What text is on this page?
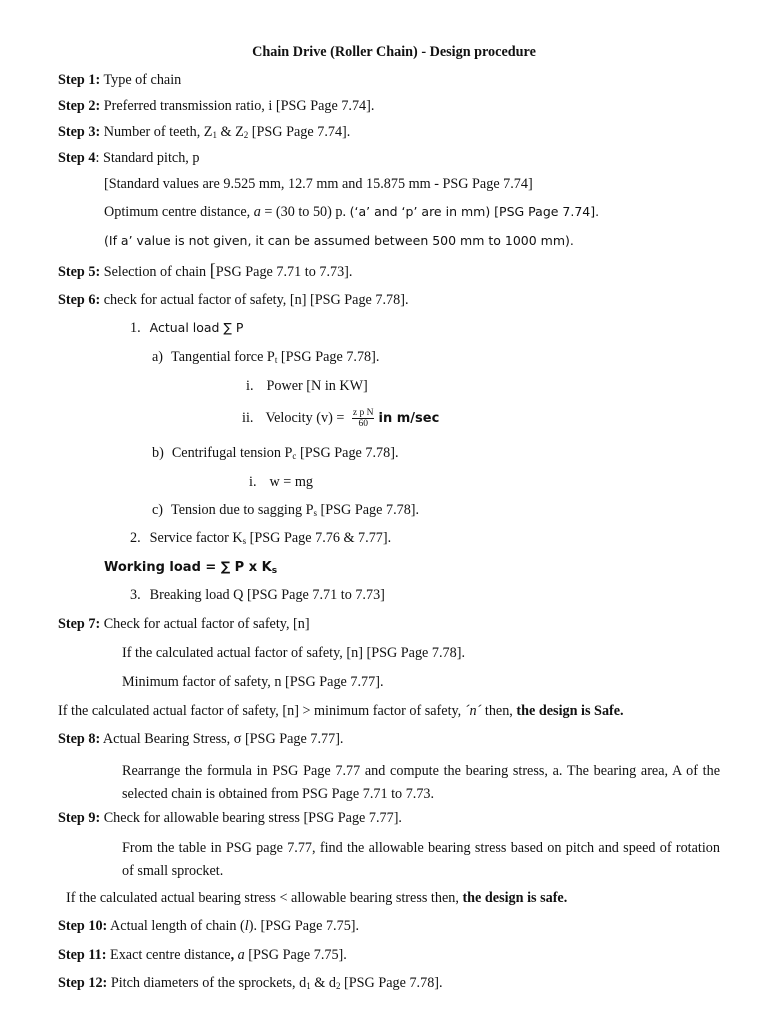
Chain Drive (Roller Chain) - Design procedure
Step 1: Type of chain
Step 2: Preferred transmission ratio, i [PSG Page 7.74].
Step 3: Number of teeth, $Z_1$ & $Z_2$ [PSG Page 7.74].
Step 4: Standard pitch, p
[Standard values are 9.525 mm, 12.7 mm and 15.875 mm - PSG Page 7.74]
Optimum centre distance, a = (30 to 50) p. (‘a’ and ‘p’ are in mm) [PSG Page 7.74].
(If a’ value is not given, it can be assumed between 500 mm to 1000 mm).
Step 5: Selection of chain [PSG Page 7.71 to 7.73].
Step 6: check for actual factor of safety, [n] [PSG Page 7.78].
1. Actual load ∑ P
a) Tangential force $P_t$ [PSG Page 7.78].
i. Power [N in KW]
ii. Velocity $(v) = \frac{\text{z p N}}{60}$ in m/sec
b) Centrifugal tension $P_c$ [PSG Page 7.78].
i. w = mg
c) Tension due to sagging $P_s$ [PSG Page 7.78].
2. Service factor $K_s$ [PSG Page 7.76 & 7.77].
Working load = ∑ P x $K_s$
3. Breaking load Q [PSG Page 7.71 to 7.73]
Step 7: Check for actual factor of safety, [n]
If the calculated actual factor of safety, [n] [PSG Page 7.78].
Minimum factor of safety, n [PSG Page 7.77].
If the calculated actual factor of safety, [n] > minimum factor of safety, ´n´ then, the design is Safe.
Step 8: Actual Bearing Stress, σ [PSG Page 7.77].
Rearrange the formula in PSG Page 7.77 and compute the bearing stress, a. The bearing area, A of the selected chain is obtained from PSG Page 7.71 to 7.73.
Step 9: Check for allowable bearing stress [PSG Page 7.77].
From the table in PSG page 7.77, find the allowable bearing stress based on pitch and speed of rotation of small sprocket.
If the calculated actual bearing stress < allowable bearing stress then, the design is safe.
Step 10: Actual length of chain (l). [PSG Page 7.75].
Step 11: Exact centre distance, a [PSG Page 7.75].
Step 12: Pitch diameters of the sprockets, $d_1$ & $d_2$ [PSG Page 7.78].
